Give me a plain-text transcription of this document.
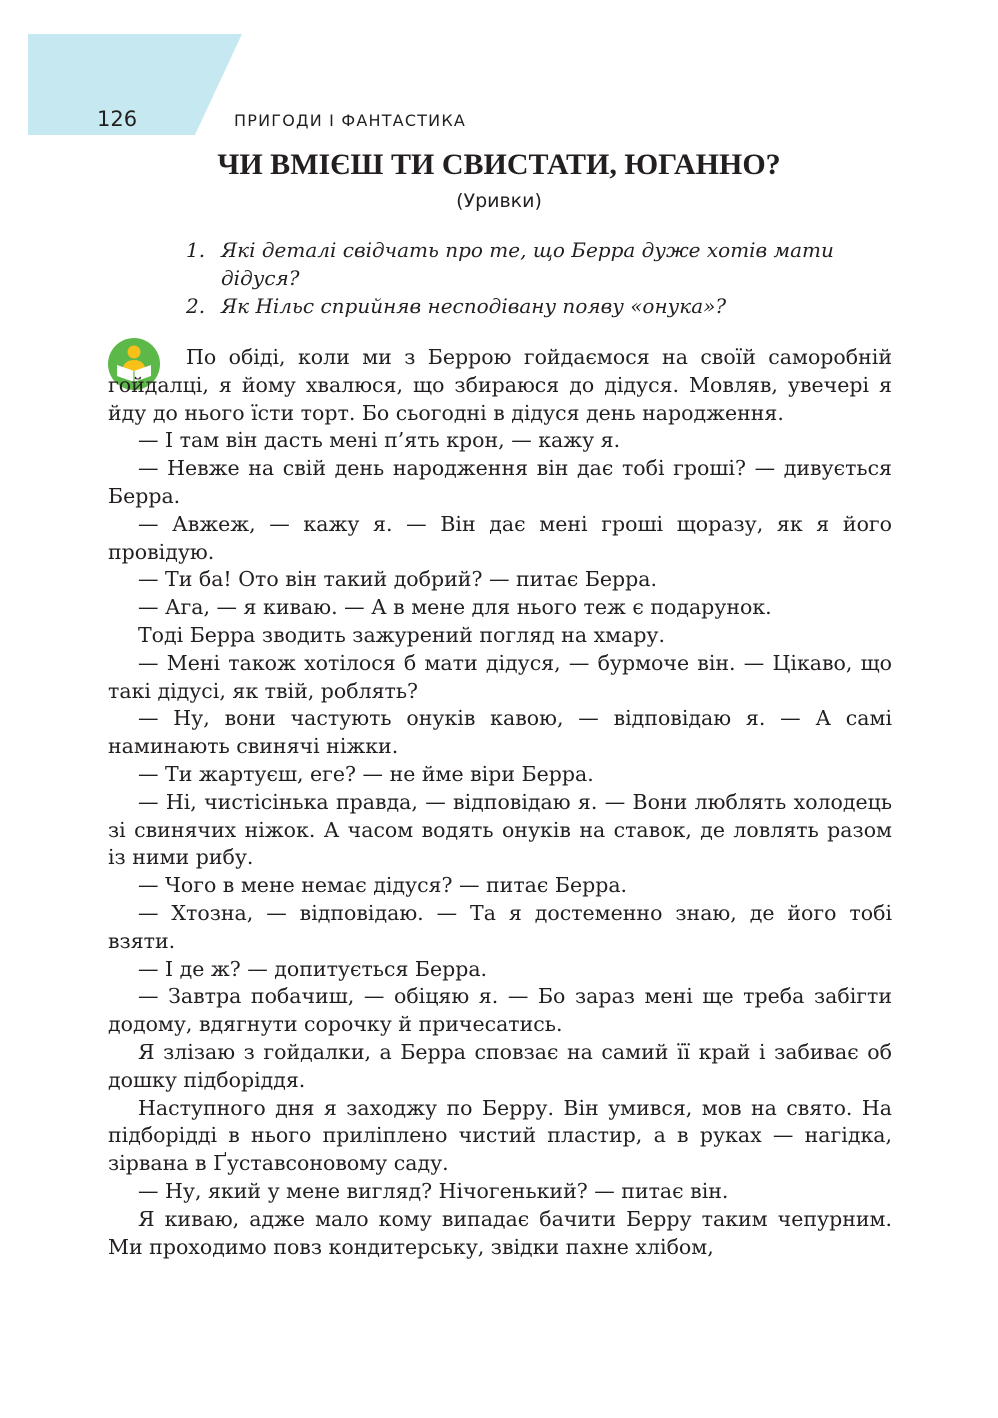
126	ПРИГОДИ І ФАНТАСТИКА
ЧИ ВМІЄШ ТИ СВИСТАТИ, ЮГАННО?
(Уривки)
1. Які деталі свідчать про те, що Берра дуже хотів мати дідуся?
2. Як Нільс сприйняв несподівану появу «онука»?

По обіді, коли ми з Беррою гойдаємося на своїй саморобній гойдалці, я йому хвалюся, що збираюся до дідуся. Мовляв, увечері я йду до нього їсти торт. Бо сьогодні в дідуся день народження.

— І там він дасть мені п’ять крон, — кажу я.

— Невже на свій день народження він дає тобі гроші? — дивується Берра.

— Авжеж, — кажу я. — Він дає мені гроші щоразу, як я його провідую.

— Ти ба! Ото він такий добрий? — питає Берра.

— Ага, — я киваю. — А в мене для нього теж є подарунок.

Тоді Берра зводить зажурений погляд на хмару.

— Мені також хотілося б мати дідуся, — бурмоче він. — Цікаво, що такі дідусі, як твій, роблять?

— Ну, вони частують онуків кавою, — відповідаю я. — А самі наминають свинячі ніжки.

— Ти жартуєш, еге? — не йме віри Берра.

— Ні, чистісінька правда, — відповідаю я. — Вони люблять холодець зі свинячих ніжок. А часом водять онуків на ставок, де ловлять разом із ними рибу.

— Чого в мене немає дідуся? — питає Берра.

— Хтозна, — відповідаю. — Та я достеменно знаю, де його тобі взяти.

— І де ж? — допитується Берра.

— Завтра побачиш, — обіцяю я. — Бо зараз мені ще треба забігти додому, вдягнути сорочку й причесатись.

Я злізаю з гойдалки, а Берра сповзає на самий її край і забиває об дошку підборіддя.

Наступного дня я заходжу по Берру. Він умився, мов на свято. На підборідді в нього приліплено чистий пластир, а в руках — нагідка, зірвана в Ґуставсоновому саду.

— Ну, який у мене вигляд? Нічогенький? — питає він.

Я киваю, адже мало кому випадає бачити Берру таким чепурним. Ми проходимо повз кондитерську, звідки пахне хлібом,
